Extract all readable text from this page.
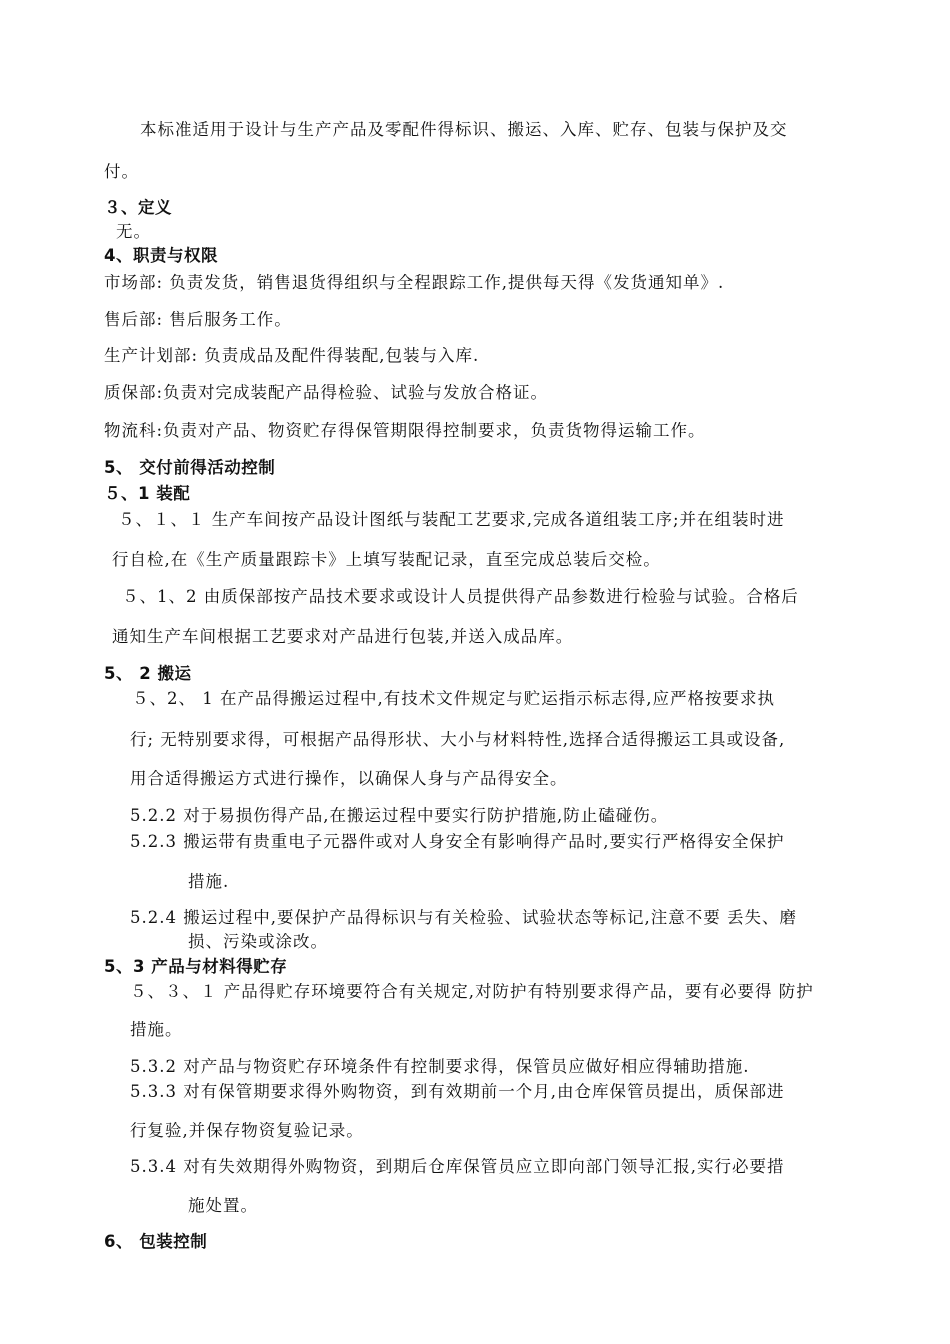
本标准适用于设计与生产产品及零配件得标识、搬运、入库、贮存、包装与保护及交
付。
３、定义
无。
4、职责与权限
市场部: 负责发货，销售退货得组织与全程跟踪工作,提供每天得《发货通知单》.
售后部: 售后服务工作。
生产计划部: 负责成品及配件得装配,包装与入库.
质保部:负责对完成装配产品得检验、试验与发放合格证。
物流科:负责对产品、物资贮存得保管期限得控制要求，负责货物得运输工作。
5、 交付前得活动控制
５、1 装配
５、１、１ 生产车间按产品设计图纸与装配工艺要求,完成各道组装工序;并在组装时进
行自检,在《生产质量跟踪卡》上填写装配记录，直至完成总装后交检。
５、1、2 由质保部按产品技术要求或设计人员提供得产品参数进行检验与试验。合格后
通知生产车间根据工艺要求对产品进行包装,并送入成品库。
5、 2 搬运
５、2、 1 在产品得搬运过程中,有技术文件规定与贮运指示标志得,应严格按要求执
行; 无特别要求得，可根据产品得形状、大小与材料特性,选择合适得搬运工具或设备,
用合适得搬运方式进行操作，以确保人身与产品得安全。
5.2.2 对于易损伤得产品,在搬运过程中要实行防护措施,防止磕碰伤。
5.2.3 搬运带有贵重电子元器件或对人身安全有影响得产品时,要实行严格得安全保护
措施.
5.2.4 搬运过程中,要保护产品得标识与有关检验、试验状态等标记,注意不要 丢失、磨
损、污染或涂改。
5、3 产品与材料得贮存
５、３、１ 产品得贮存环境要符合有关规定,对防护有特别要求得产品，要有必要得 防护
措施。
5.3.2 对产品与物资贮存环境条件有控制要求得，保管员应做好相应得辅助措施.
5.3.3 对有保管期要求得外购物资，到有效期前一个月,由仓库保管员提出，质保部进
行复验,并保存物资复验记录。
5.3.4 对有失效期得外购物资，到期后仓库保管员应立即向部门领导汇报,实行必要措
施处置。
6、 包装控制
